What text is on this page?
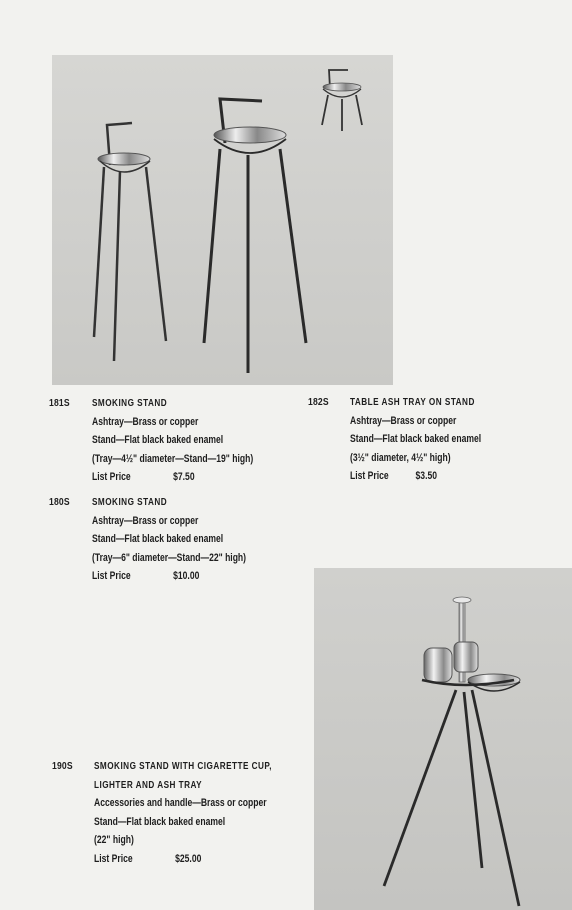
181S SMOKING STAND
Ashtray—Brass or copper
Stand—Flat black baked enamel
(Tray—4½" diameter—Stand—19" high)
List Price	$7.50
180S SMOKING STAND
Ashtray—Brass or copper
Stand—Flat black baked enamel
(Tray—6" diameter—Stand—22" high)
List Price	$10.00
182S TABLE ASH TRAY ON STAND
Ashtray—Brass or copper
Stand—Flat black baked enamel
(3½" diameter, 4½" high)
List Price $3.50
190S SMOKING STAND WITH CIGARETTE CUP,
LIGHTER AND ASH TRAY
Accessories and handle—Brass or copper
Stand—Flat black baked enamel
(22" high)
List Price	$25.00
